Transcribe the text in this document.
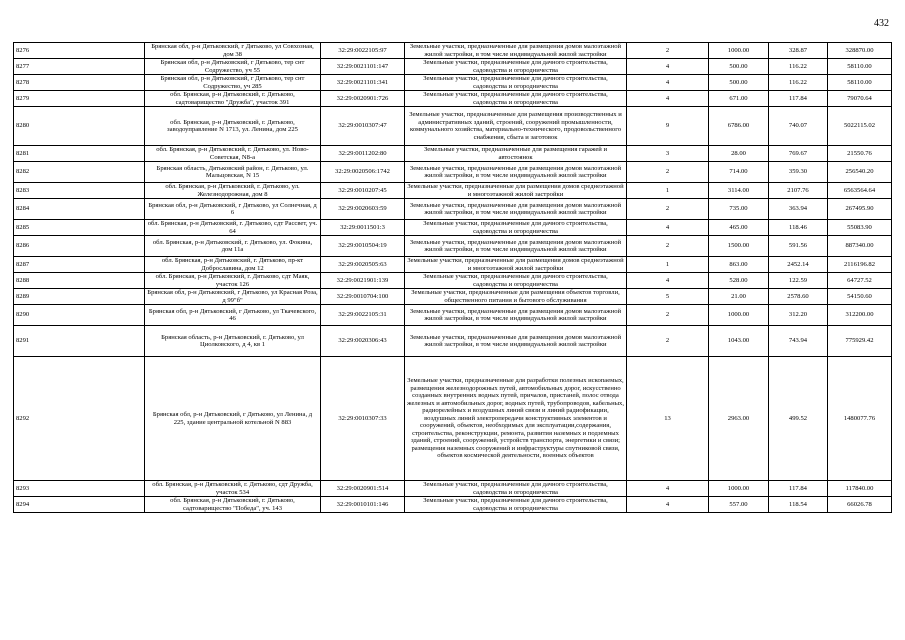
432
8276	Брянская обл, р-н Дятьковский, г Дятьково, ул Совхозная, дом 38	32:29:0022105:97	Земельные участки, предназначенные для размещения домов малоэтажной жилой застройки, в том числе индивидуальной жилой застройки	2	1000.00	328.87	328870.00
8277	Брянская обл, р-н Дятьковский, г Дятьково, тер снт Содружество, уч 55	32:29:0021101:147	Земельные участки, предназначенные для дачного строительства, садоводства и огородничества	4	500.00	116.22	58110.00
8278	Брянская обл, р-н Дятьковский, г Дятьково, тер снт Содружество, уч 285	32:29:0021101:341	Земельные участки, предназначенные для дачного строительства, садоводства и огородничества	4	500.00	116.22	58110.00
8279	обл. Брянская, р-н Дятьковский, г. Дятьково, садтоварищество "Дружба", участок 391	32:29:0020901:726	Земельные участки, предназначенные для дачного строительства, садоводства и огородничества	4	671.00	117.84	79070.64
8280	обл. Брянская, р-н Дятьковский, г. Дятьково, заводоуправление N 1713, ул. Ленина, дом 225	32:29:0010307:47	Земельные участки, предназначенные для размещения производственных и административных зданий, строений, сооружений промышленности, коммунального хозяйства, материально-технического, продовольственного снабжения, сбыта и заготовок	9	6786.00	740.07	5022115.02
8281	обл. Брянская, р-н Дятьковский, г. Дятьково, ул. Ново-Советская, N8-а	32:29:0011202:80	Земельные участки, предназначенные для размещения гаражей и автостоянок	3	28.00	769.67	21550.76
8282	Брянская область, Дятьковский район, г. Дятьково, ул. Мальцовская, N 15	32:29:0020506:1742	Земельные участки, предназначенные для размещения домов малоэтажной жилой застройки, в том числе индивидуальной жилой застройки	2	714.00	359.30	256540.20
8283	обл. Брянская, р-н Дятьковский, г. Дятьково, ул. Железнодорожная, дом 8	32:29:0010207:45	Земельные участки, предназначенные для размещения домов среднеэтажной и многоэтажной жилой застройки	1	3114.00	2107.76	6563564.64
8284	Брянская обл, р-н Дятьковский, г Дятьково, ул Солнечная, д 6	32:29:0020603:59	Земельные участки, предназначенные для размещения домов малоэтажной жилой застройки, в том числе индивидуальной жилой застройки	2	735.00	363.94	267495.90
8285	обл. Брянская, р-н Дятьковский, г. Дятьково, сдт Рассвет, уч. 64	32:29:0011501:3	Земельные участки, предназначенные для дачного строительства, садоводства и огородничества	4	465.00	118.46	55083.90
8286	обл. Брянская, р-н Дятьковский, г. Дятьково, ул. Фокина, дом 11а	32:29:0010504:19	Земельные участки, предназначенные для размещения домов малоэтажной жилой застройки, в том числе индивидуальной жилой застройки	2	1500.00	591.56	887340.00
8287	обл. Брянская, р-н Дятьковский, г. Дятьково, пр-кт Доброславина, дом 12	32:29:0020505:63	Земельные участки, предназначенные для размещения домов среднеэтажной и многоэтажной жилой застройки	1	863.00	2452.14	2116196.82
8288	обл. Брянская, р-н Дятьковский, г. Дятьково, сдт Маяк, участок 126	32:29:0021901:139	Земельные участки, предназначенные для дачного строительства, садоводства и огородничества	4	528.00	122.59	64727.52
8289	Брянская обл, р-н Дятьковский, г Дятьково, ул Красная Роза, д 99"б"	32:29:0010704:100	Земельные участки, предназначенные для размещения объектов торговли, общественного питания и бытового обслуживания	5	21.00	2578.60	54150.60
8290	Брянская обл, р-н Дятьковский, г Дятьково, ул Ткачевского, 46	32:29:0022105:31	Земельные участки, предназначенные для размещения домов малоэтажной жилой застройки, в том числе индивидуальной жилой застройки	2	1000.00	312.20	312200.00
8291	Брянская область, р-н Дятьковский, г. Дятьково, ул Циолковского, д 4, кв 1	32:29:0020306:43	Земельные участки, предназначенные для размещения домов малоэтажной жилой застройки, в том числе индивидуальной жилой застройки	2	1043.00	743.94	775929.42
8292	Брянская обл, р-н Дятьковский, г Дятьково, ул Ленина, д 225, здание центральной котельной N 883	32:29:0010307:33	Земельные участки, предназначенные для разработки полезных ископаемых, размещения железнодорожных путей, автомобильных дорог, искусственно созданных внутренних водных путей, причалов, пристаней, полос отвода железных и автомобильных дорог, водных путей, трубопроводов, кабельных, радиорелейных и воздушных линий связи и линий радиофикации, воздушных линий электропередачи конструктивных элементов и сооружений, объектов, необходимых для эксплуатации,содержания, строительства, реконструкции, ремонта, развития наземных и подземных зданий, строений, сооружений, устройств транспорта, энергетики и связи; размещения наземных сооружений и инфраструктуры спутниковой связи, объектов космической деятельности, военных объектов	13	2963.00	499.52	1480077.76
8293	обл. Брянская, р-н Дятьковский, г. Дятьково, сдт Дружба, участок 534	32:29:0020901:514	Земельные участки, предназначенные для дачного строительства, садоводства и огородничества	4	1000.00	117.84	117840.00
8294	обл. Брянская, р-н Дятьковский, г. Дятьково, садтоварищество "Победа", уч. 143	32:29:0010101:146	Земельные участки, предназначенные для дачного строительства, садоводства и огородничества	4	557.00	118.54	66026.78
